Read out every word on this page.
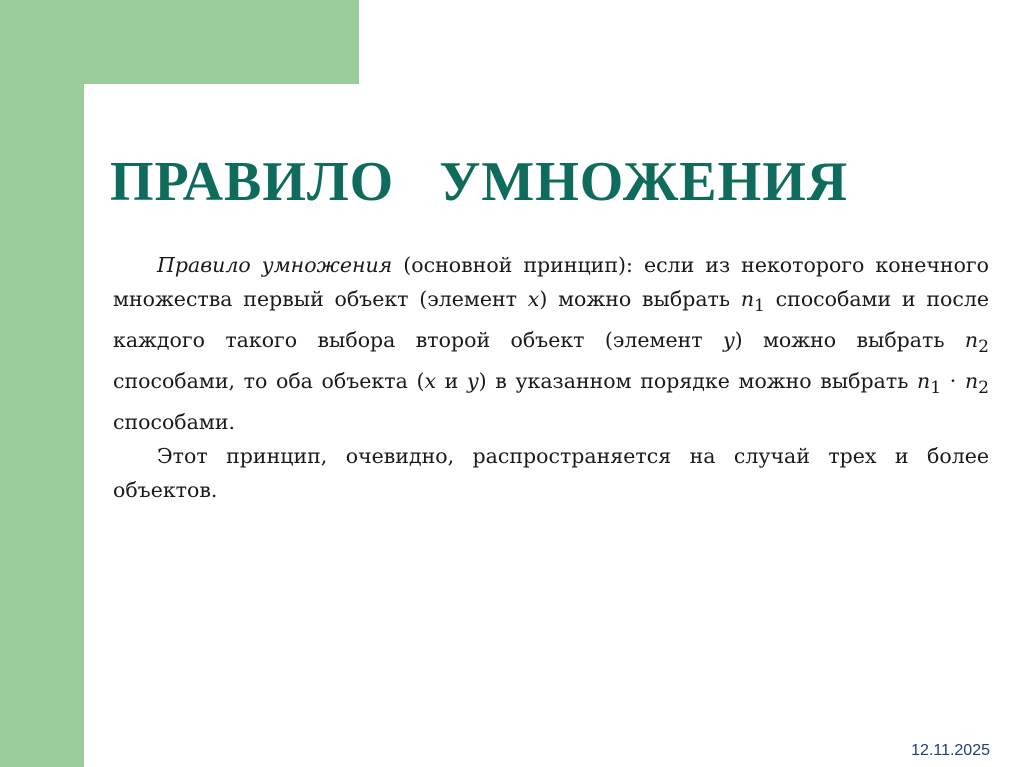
ПРАВИЛО   УМНОЖЕНИЯ

Правило умножения (основной принцип): если из некоторого конечного множества первый объект (элемент x) можно выбрать $n_1$ способами и после каждого такого выбора второй объект (элемент y) можно выбрать $n_2$ способами, то оба объекта (x и y) в указанном порядке можно выбрать $n_1 \cdot n_2$ способами.

Этот принцип, очевидно, распространяется на случай трех и более объектов.

12.11.2025
